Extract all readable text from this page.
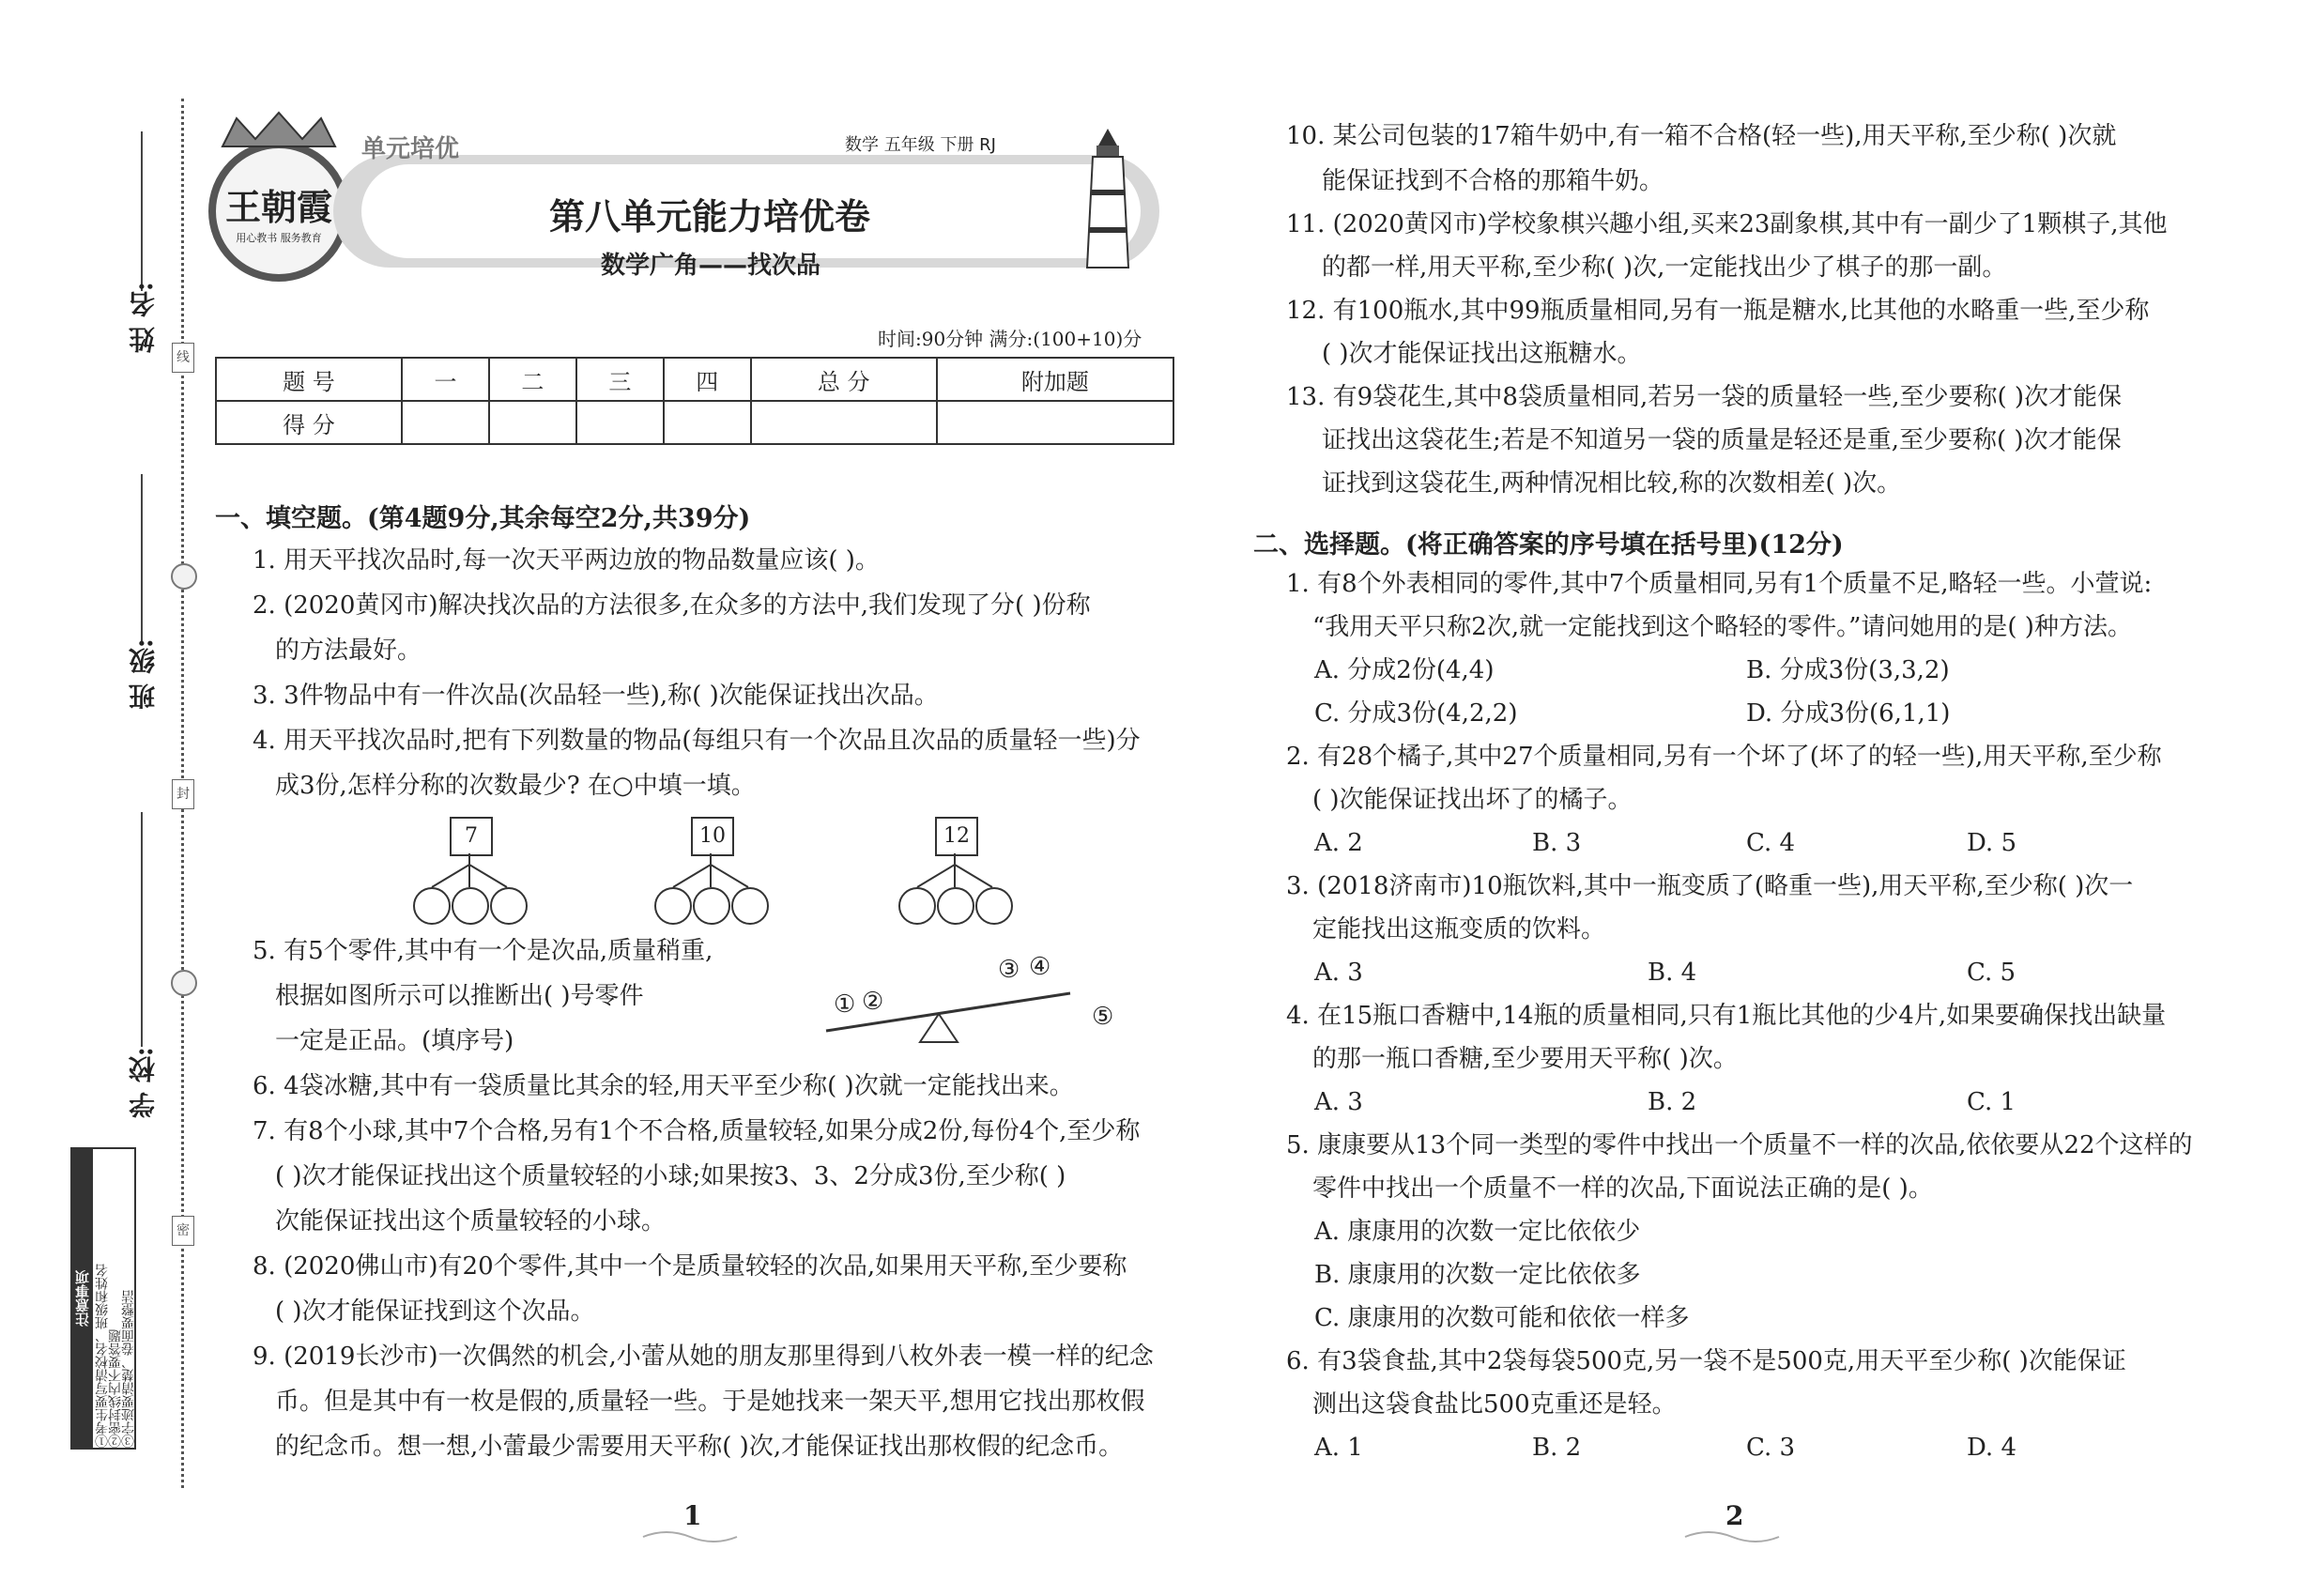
姓 名:
班 级:
学 校:
线
封
密
注意事项 ①考生要写清校名、班级和姓名
②密封线内不要答题
③字迹要清楚、卷面要整洁
王朝霞
用心教书 服务教育
单元培优	数学 五年级 下册 RJ
第八单元能力培优卷
数学广角——找次品
时间:90分钟 满分:(100+10)分
题 号	一	二	三	四	总 分	附加题
得 分						
一、填空题。(第4题9分,其余每空2分,共39分)
1. 用天平找次品时,每一次天平两边放的物品数量应该( )。
2. (2020黄冈市)解决找次品的方法很多,在众多的方法中,我们发现了分( )份称
的方法最好。
3. 3件物品中有一件次品(次品轻一些),称( )次能保证找出次品。
4. 用天平找次品时,把有下列数量的物品(每组只有一个次品且次品的质量轻一些)分
成3份,怎样分称的次数最少? 在○中填一填。
7	10	12
5. 有5个零件,其中有一个是次品,质量稍重,
根据如图所示可以推断出( )号零件
一定是正品。(填序号)
① ②
③ ④
⑤
6. 4袋冰糖,其中有一袋质量比其余的轻,用天平至少称( )次就一定能找出来。
7. 有8个小球,其中7个合格,另有1个不合格,质量较轻,如果分成2份,每份4个,至少称
( )次才能保证找出这个质量较轻的小球;如果按3、3、2分成3份,至少称( )
次能保证找出这个质量较轻的小球。
8. (2020佛山市)有20个零件,其中一个是质量较轻的次品,如果用天平称,至少要称
( )次才能保证找到这个次品。
9. (2019长沙市)一次偶然的机会,小蕾从她的朋友那里得到八枚外表一模一样的纪念
币。但是其中有一枚是假的,质量轻一些。于是她找来一架天平,想用它找出那枚假
的纪念币。想一想,小蕾最少需要用天平称( )次,才能保证找出那枚假的纪念币。
10. 某公司包装的17箱牛奶中,有一箱不合格(轻一些),用天平称,至少称( )次就
能保证找到不合格的那箱牛奶。
11. (2020黄冈市)学校象棋兴趣小组,买来23副象棋,其中有一副少了1颗棋子,其他
的都一样,用天平称,至少称( )次,一定能找出少了棋子的那一副。
12. 有100瓶水,其中99瓶质量相同,另有一瓶是糖水,比其他的水略重一些,至少称
( )次才能保证找出这瓶糖水。
13. 有9袋花生,其中8袋质量相同,若另一袋的质量轻一些,至少要称( )次才能保
证找出这袋花生;若是不知道另一袋的质量是轻还是重,至少要称( )次才能保
证找到这袋花生,两种情况相比较,称的次数相差( )次。
二、选择题。(将正确答案的序号填在括号里)(12分)
1. 有8个外表相同的零件,其中7个质量相同,另有1个质量不足,略轻一些。小萱说:
“我用天平只称2次,就一定能找到这个略轻的零件。”请问她用的是( )种方法。
A. 分成2份(4,4)	B. 分成3份(3,3,2)
C. 分成3份(4,2,2)	D. 分成3份(6,1,1)
2. 有28个橘子,其中27个质量相同,另有一个坏了(坏了的轻一些),用天平称,至少称
( )次能保证找出坏了的橘子。
A. 2	B. 3	C. 4	D. 5
3. (2018济南市)10瓶饮料,其中一瓶变质了(略重一些),用天平称,至少称( )次一
定能找出这瓶变质的饮料。
A. 3	B. 4	C. 5
4. 在15瓶口香糖中,14瓶的质量相同,只有1瓶比其他的少4片,如果要确保找出缺量
的那一瓶口香糖,至少要用天平称( )次。
A. 3	B. 2	C. 1
5. 康康要从13个同一类型的零件中找出一个质量不一样的次品,依依要从22个这样的
零件中找出一个质量不一样的次品,下面说法正确的是( )。
A. 康康用的次数一定比依依少
B. 康康用的次数一定比依依多
C. 康康用的次数可能和依依一样多
6. 有3袋食盐,其中2袋每袋500克,另一袋不是500克,用天平至少称( )次能保证
测出这袋食盐比500克重还是轻。
A. 1	B. 2	C. 3	D. 4
1	2
